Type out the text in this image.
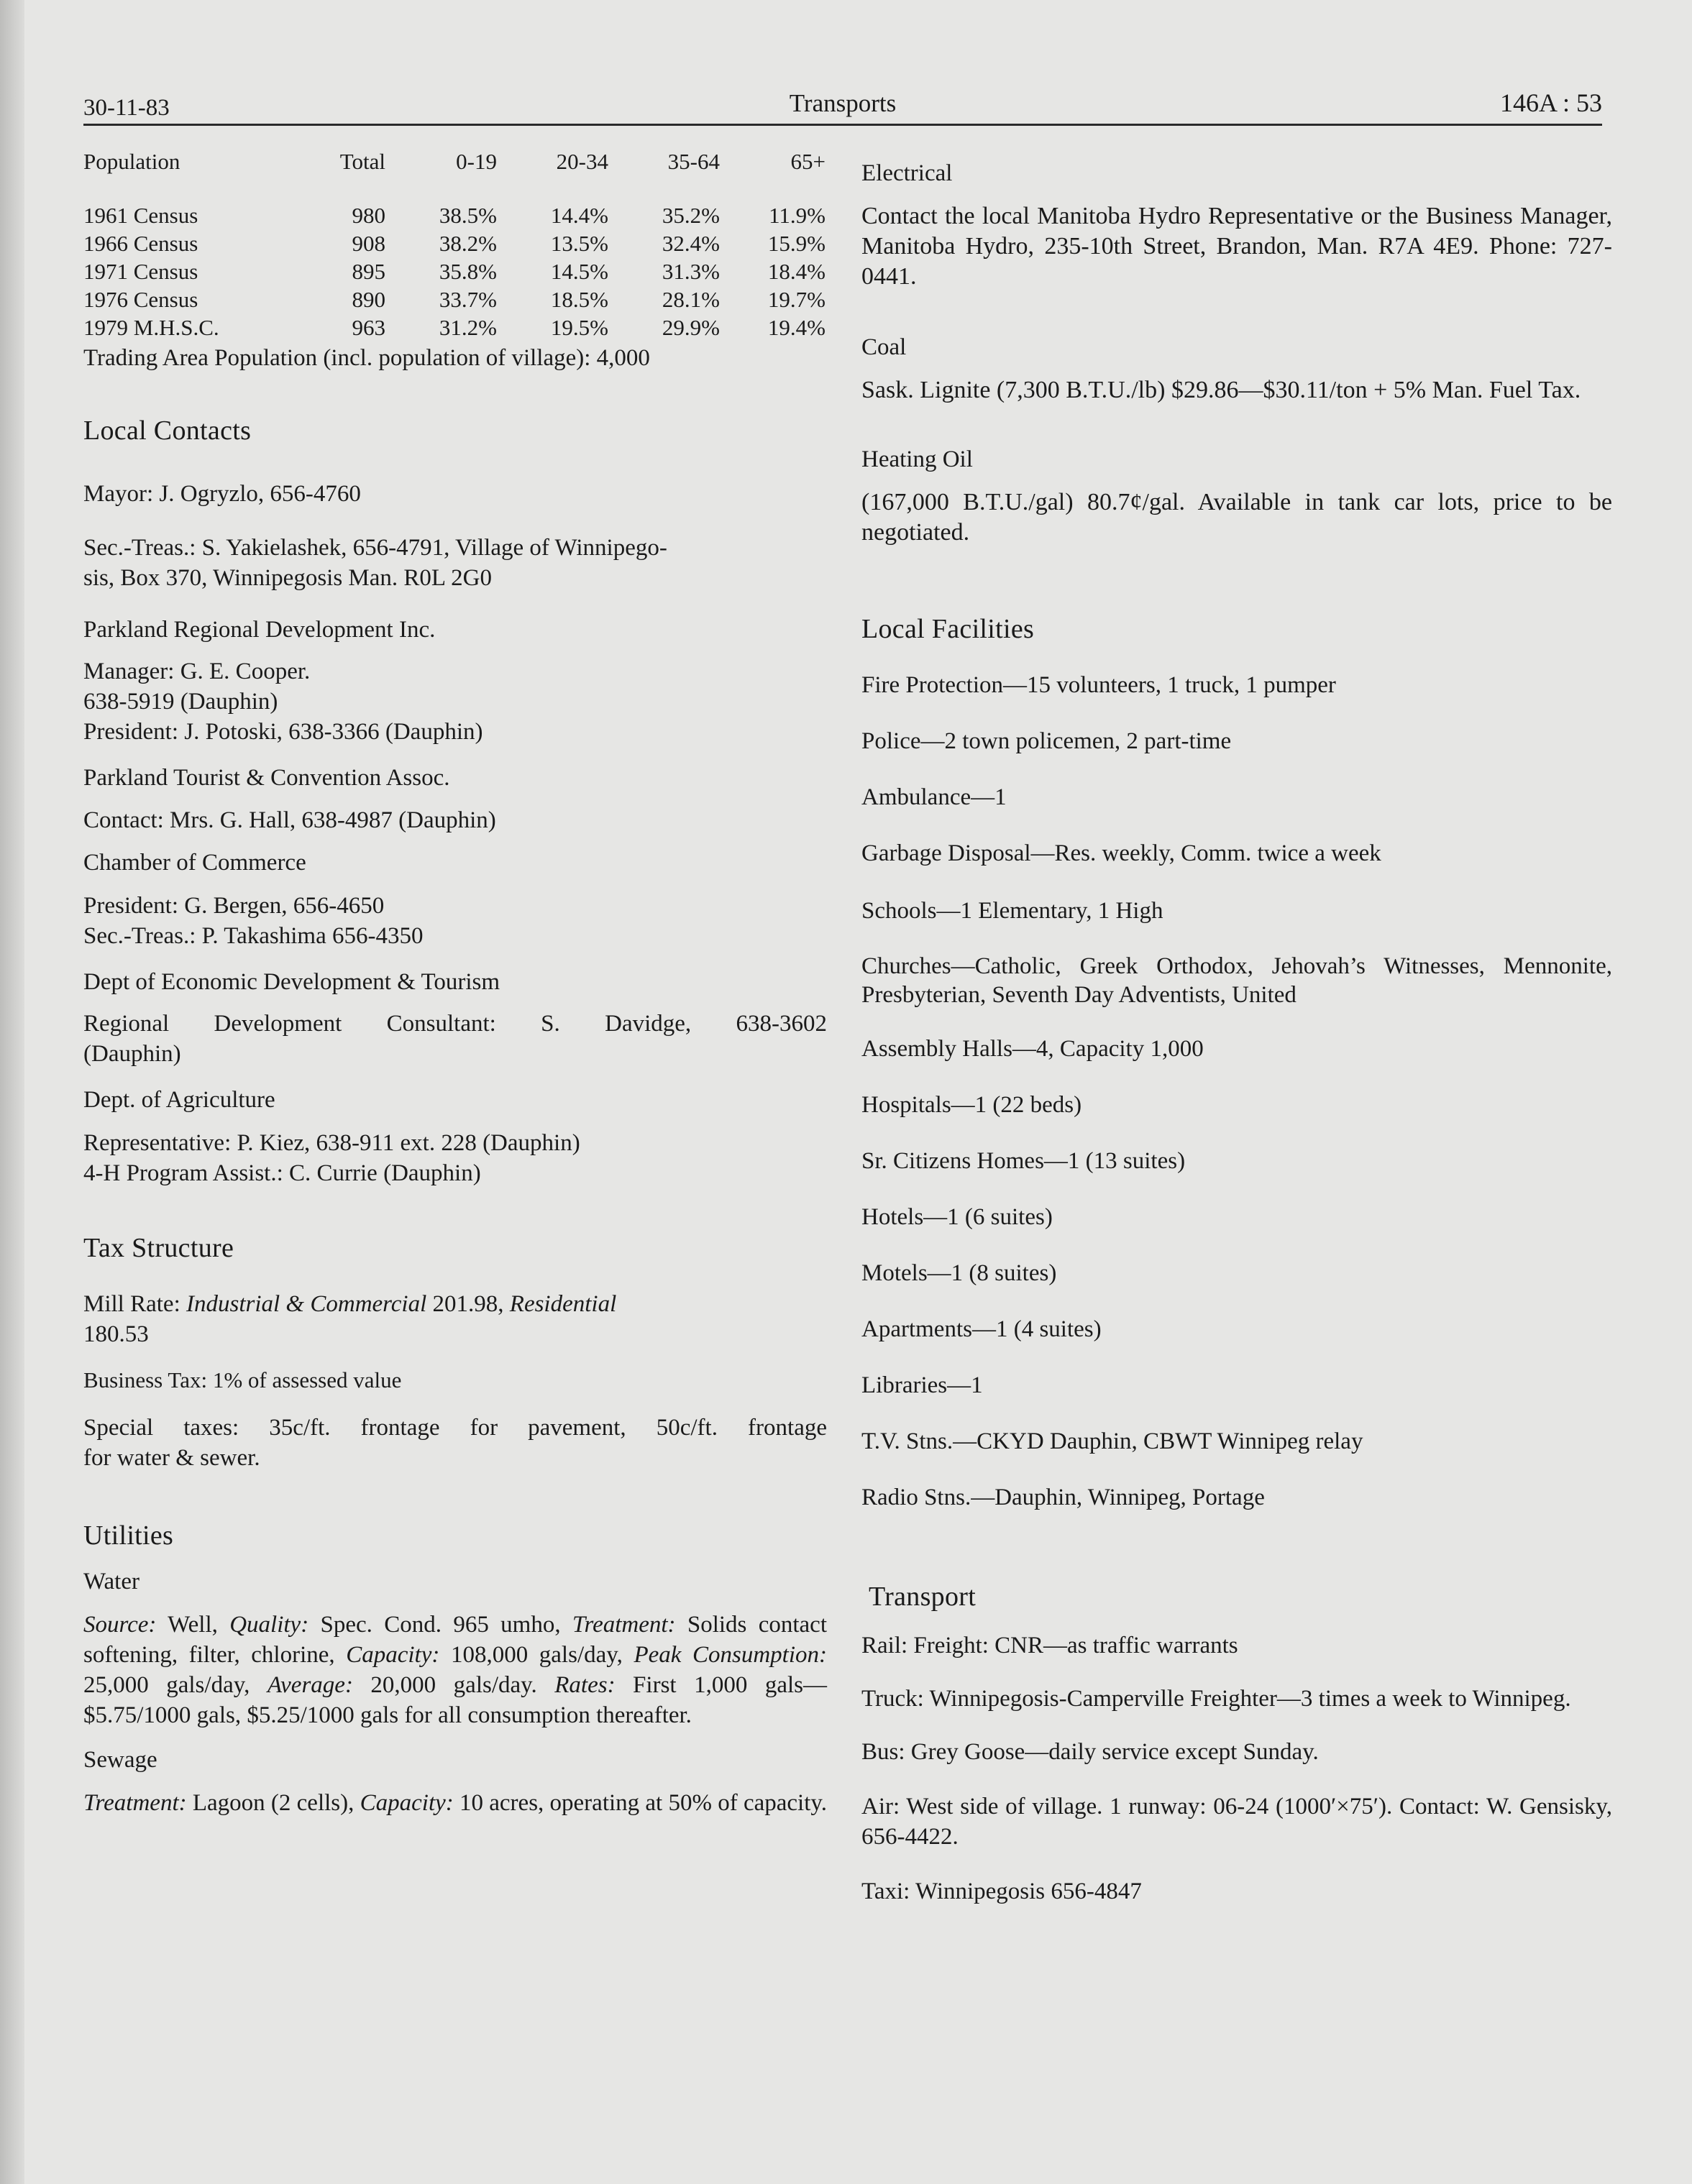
30-11-83	Transports	146A : 53
Population	Total	0-19	20-34	35-64	65+

1961 Census	980	38.5%	14.4%	35.2%	11.9%
1966 Census	908	38.2%	13.5%	32.4%	15.9%
1971 Census	895	35.8%	14.5%	31.3%	18.4%
1976 Census	890	33.7%	18.5%	28.1%	19.7%
1979 M.H.S.C.	963	31.2%	19.5%	29.9%	19.4%

Trading Area Population (incl. population of village): 4,000

Local Contacts

Mayor: J. Ogryzlo, 656-4760

Sec.-Treas.: S. Yakielashek, 656-4791, Village of Winnipego-

sis, Box 370, Winnipegosis Man. R0L 2G0

Parkland Regional Development Inc.

Manager: G. E. Cooper.

638-5919 (Dauphin)

President: J. Potoski, 638-3366 (Dauphin)

Parkland Tourist & Convention Assoc.

Contact: Mrs. G. Hall, 638-4987 (Dauphin)

Chamber of Commerce

President: G. Bergen, 656-4650

Sec.-Treas.: P. Takashima 656-4350

Dept of Economic Development & Tourism

Regional Development Consultant: S. Davidge, 638-3602

(Dauphin)

Dept. of Agriculture

Representative: P. Kiez, 638-911 ext. 228 (Dauphin)

4-H Program Assist.: C. Currie (Dauphin)

Tax Structure

Mill Rate: Industrial & Commercial 201.98, Residential
180.53

Business Tax: 1% of assessed value

Special taxes: 35c/ft. frontage for pavement, 50c/ft. frontage

for water & sewer.

Utilities

Water

Source: Well, Quality: Spec. Cond. 965 umho, Treatment: Solids contact softening, filter, chlorine, Capacity: 108,000 gals/day, Peak Consumption: 25,000 gals/day, Average: 20,000 gals/day. Rates: First 1,000 gals—$5.75/1000 gals, $5.25/1000 gals for all consumption thereafter.

Sewage

Treatment: Lagoon (2 cells), Capacity: 10 acres, operating at 50% of capacity.

Electrical

Contact the local Manitoba Hydro Representative or the Business Manager, Manitoba Hydro, 235-10th Street, Brandon, Man. R7A 4E9. Phone: 727-0441.

Coal

Sask. Lignite (7,300 B.T.U./lb) $29.86—$30.11/ton + 5% Man. Fuel Tax.

Heating Oil

(167,000 B.T.U./gal) 80.7¢/gal. Available in tank car lots, price to be negotiated.

Local Facilities

Fire Protection—15 volunteers, 1 truck, 1 pumper

Police—2 town policemen, 2 part-time

Ambulance—1

Garbage Disposal—Res. weekly, Comm. twice a week

Schools—1 Elementary, 1 High

Churches—Catholic, Greek Orthodox, Jehovah’s Witnesses, Mennonite, Presbyterian, Seventh Day Adventists, United

Assembly Halls—4, Capacity 1,000

Hospitals—1 (22 beds)

Sr. Citizens Homes—1 (13 suites)

Hotels—1 (6 suites)

Motels—1 (8 suites)

Apartments—1 (4 suites)

Libraries—1

T.V. Stns.—CKYD Dauphin, CBWT Winnipeg relay

Radio Stns.—Dauphin, Winnipeg, Portage

Transport

Rail: Freight: CNR—as traffic warrants

Truck: Winnipegosis-Camperville Freighter—3 times a week to Winnipeg.

Bus: Grey Goose—daily service except Sunday.

Air: West side of village. 1 runway: 06-24 (1000′×75′). Contact: W. Gensisky, 656-4422.

Taxi: Winnipegosis 656-4847
